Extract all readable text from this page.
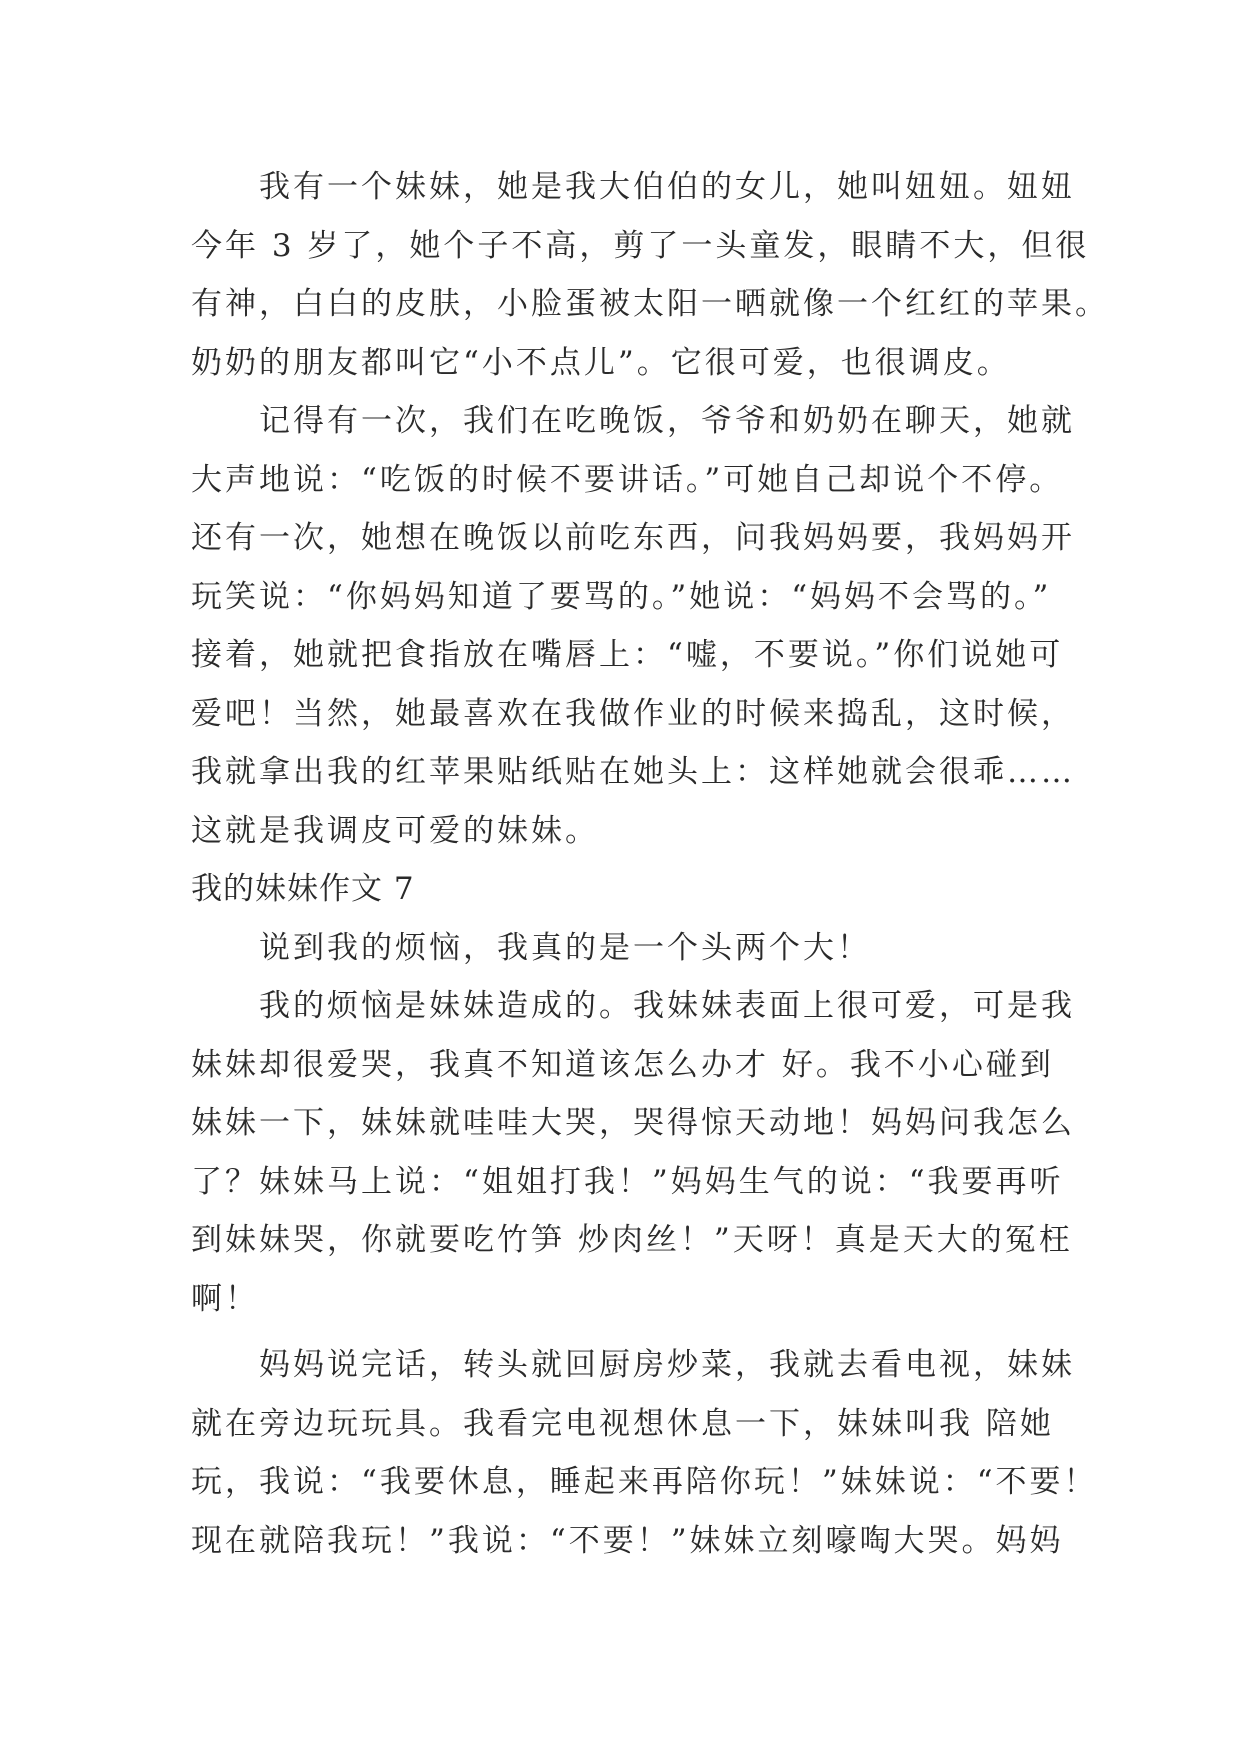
我有一个妹妹，她是我大伯伯的女儿，她叫妞妞。妞妞
今年 3 岁了，她个子不高，剪了一头童发，眼睛不大，但很
有神，白白的皮肤，小脸蛋被太阳一晒就像一个红红的苹果。
奶奶的朋友都叫它“小不点儿”。它很可爱，也很调皮。
记得有一次，我们在吃晚饭，爷爷和奶奶在聊天，她就
大声地说：“吃饭的时候不要讲话。”可她自己却说个不停。
还有一次，她想在晚饭以前吃东西，问我妈妈要，我妈妈开
玩笑说：“你妈妈知道了要骂的。”她说：“妈妈不会骂的。”
接着，她就把食指放在嘴唇上：“嘘，不要说。”你们说她可
爱吧！当然，她最喜欢在我做作业的时候来捣乱，这时候，
我就拿出我的红苹果贴纸贴在她头上：这样她就会很乖……
这就是我调皮可爱的妹妹。
我的妹妹作文 7
说到我的烦恼，我真的是一个头两个大！
我的烦恼是妹妹造成的。我妹妹表面上很可爱，可是我
妹妹却很爱哭，我真不知道该怎么办才 好。我不小心碰到
妹妹一下，妹妹就哇哇大哭，哭得惊天动地！妈妈问我怎么
了？妹妹马上说：“姐姐打我！”妈妈生气的说：“我要再听
到妹妹哭，你就要吃竹笋 炒肉丝！”天呀！真是天大的冤枉
啊！
妈妈说完话，转头就回厨房炒菜，我就去看电视，妹妹
就在旁边玩玩具。我看完电视想休息一下，妹妹叫我 陪她
玩，我说：“我要休息，睡起来再陪你玩！”妹妹说：“不要！
现在就陪我玩！”我说：“不要！”妹妹立刻嚎啕大哭。妈妈
